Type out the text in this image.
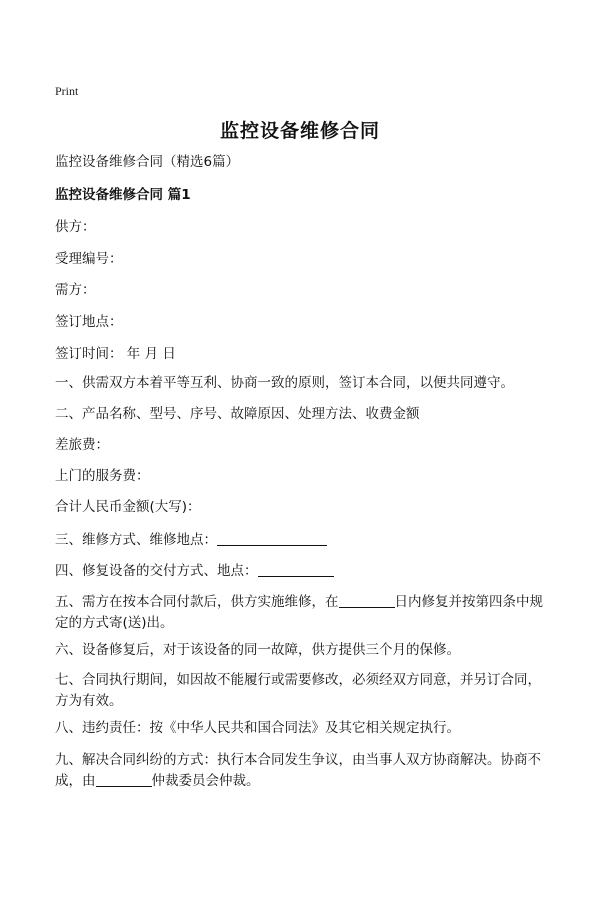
Print
监控设备维修合同
监控设备维修合同（精选6篇）
监控设备维修合同 篇1
供方：
受理编号：
需方：
签订地点：
签订时间： 年 月 日
一、供需双方本着平等互利、协商一致的原则，签订本合同，以便共同遵守。
二、产品名称、型号、序号、故障原因、处理方法、收费金额
差旅费：
上门的服务费：
合计人民币金额(大写)：
三、维修方式、维修地点：
四、修复设备的交付方式、地点：
五、需方在按本合同付款后，供方实施维修，在	日内修复并按第四条中规定的方式寄(送)出。
六、设备修复后，对于该设备的同一故障，供方提供三个月的保修。
七、合同执行期间，如因故不能履行或需要修改，必须经双方同意，并另订合同，方为有效。
八、违约责任：按《中华人民共和国合同法》及其它相关规定执行。
九、解决合同纠纷的方式：执行本合同发生争议，由当事人双方协商解决。协商不成，由	仲裁委员会仲裁。
